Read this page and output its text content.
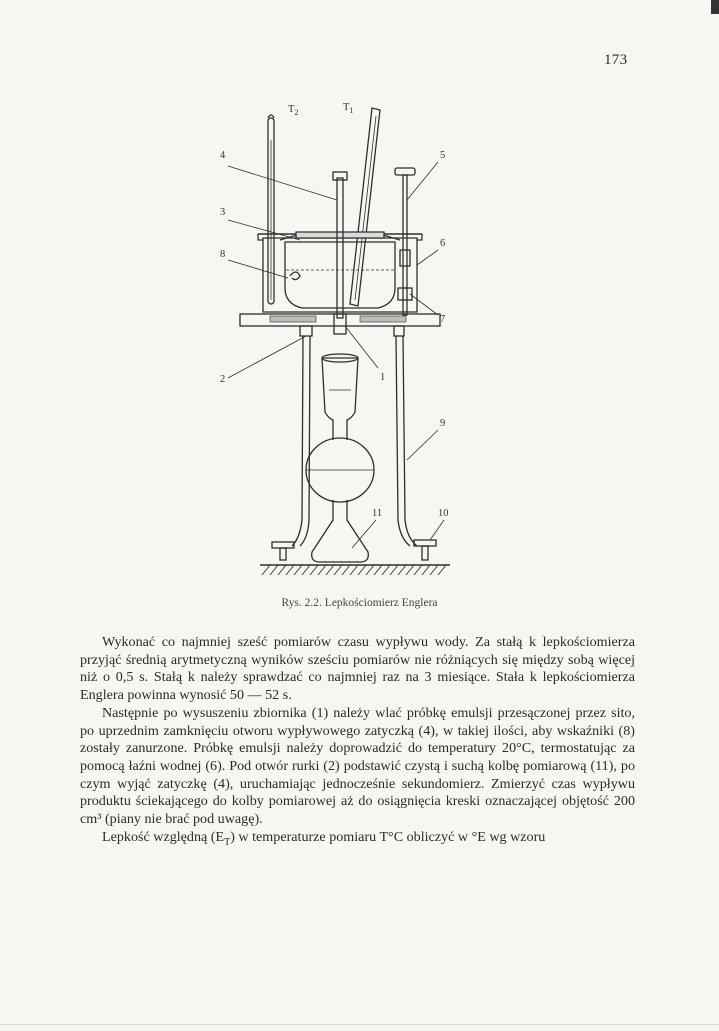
173
$T_2$	$T_1$
4
3
8
5
6
7
2	1
9
10
11
Rys. 2.2. Lepkościomierz Englera

Wykonać co najmniej sześć pomiarów czasu wypływu wody. Za stałą k lepkościomierza przyjąć średnią arytmetyczną wyników sześciu pomiarów nie różniących się między sobą więcej niż o 0,5 s. Stałą k należy sprawdzać co najmniej raz na 3 miesiące. Stała k lepkościomierza Englera powinna wynosić 50 — 52 s.

Następnie po wysuszeniu zbiornika (1) należy wlać próbkę emulsji przesączonej przez sito, po uprzednim zamknięciu otworu wypływowego zatyczką (4), w takiej ilości, aby wskaźniki (8) zostały zanurzone. Próbkę emulsji należy doprowadzić do temperatury 20°C, termostatując za pomocą łaźni wodnej (6). Pod otwór rurki (2) podstawić czystą i suchą kolbę pomiarową (11), po czym wyjąć zatyczkę (4), uruchamiając jednocześnie sekundomierz. Zmierzyć czas wypływu produktu ściekającego do kolby pomiarowej aż do osiągnięcia kreski oznaczającej objętość 200 cm³ (piany nie brać pod uwagę).

Lepkość względną $(E_T)$ w temperaturze pomiaru T°C obliczyć w °E wg wzoru
